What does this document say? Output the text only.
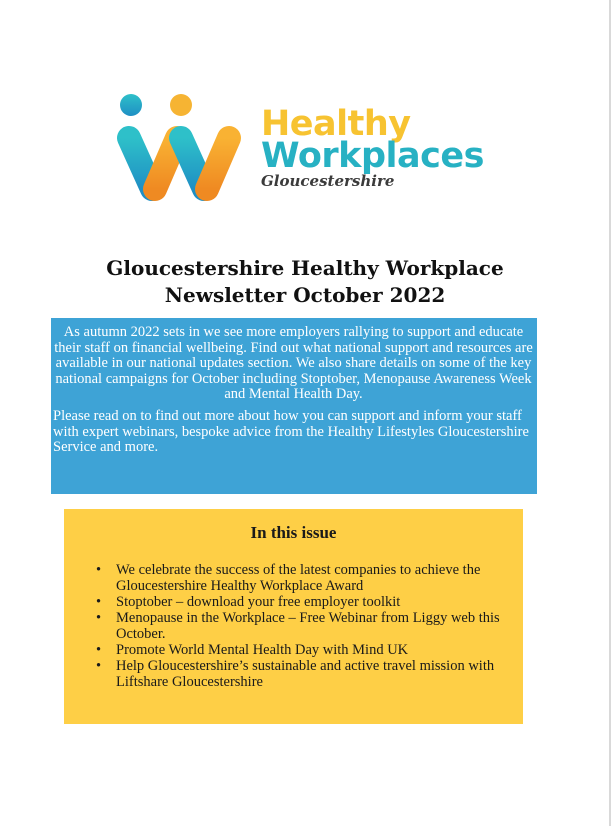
Healthy
Workplaces
Gloucestershire
Gloucestershire Healthy Workplace
Newsletter October 2022

As autumn 2022 sets in we see more employers rallying to support and educate their staff on financial wellbeing. Find out what national support and resources are available in our national updates section. We also share details on some of the key national campaigns for October including Stoptober, Menopause Awareness Week and Mental Health Day.

Please read on to find out more about how you can support and inform your staff with expert webinars, bespoke advice from the Healthy Lifestyles Gloucestershire Service and more.

In this issue
• We celebrate the success of the latest companies to achieve the Gloucestershire Healthy Workplace Award
• Stoptober – download your free employer toolkit
• Menopause in the Workplace – Free Webinar from Liggy web this October.
• Promote World Mental Health Day with Mind UK
• Help Gloucestershire’s sustainable and active travel mission with Liftshare Gloucestershire
